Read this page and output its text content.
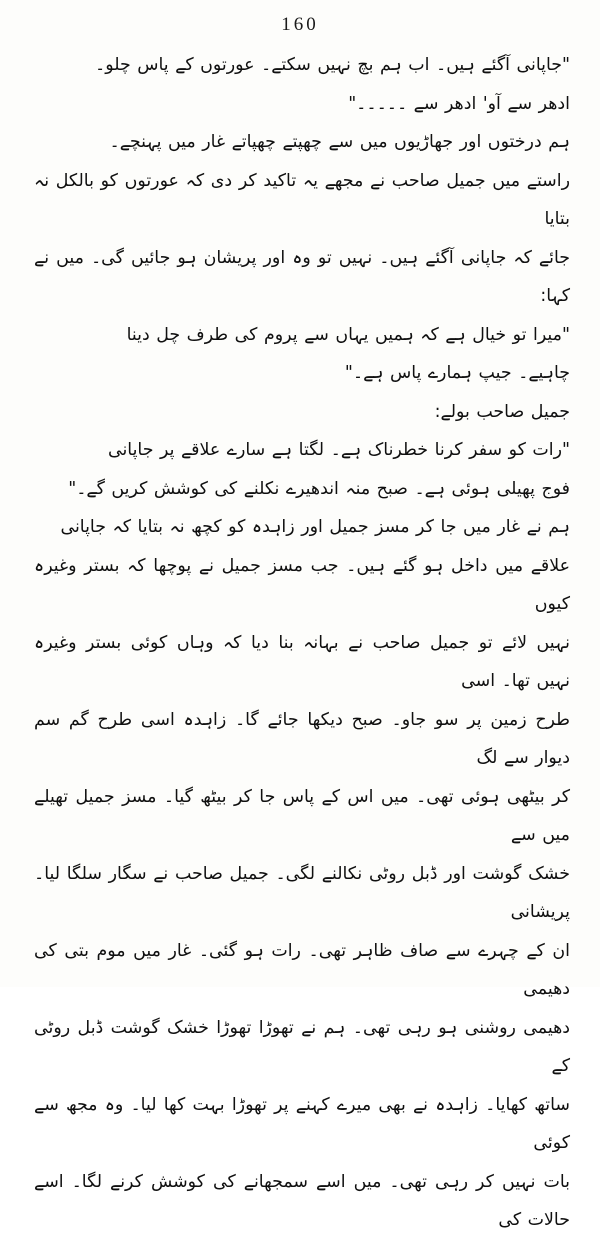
160

"جاپانی آگئے ہیں۔ اب ہم بچ نہیں سکتے۔ عورتوں کے پاس چلو۔

ادھر سے آو' ادھر سے ۔۔۔۔۔"

ہم درختوں اور جھاڑیوں میں سے چھپتے چھپاتے غار میں پہنچے۔

راستے میں جمیل صاحب نے مجھے یہ تاکید کر دی کہ عورتوں کو بالکل نہ بتایا

جائے کہ جاپانی آگئے ہیں۔ نہیں تو وہ اور پریشان ہو جائیں گی۔ میں نے کہا:

"میرا تو خیال ہے کہ ہمیں یہاں سے پروم کی طرف چل دینا

چاہیے۔ جیپ ہمارے پاس ہے۔"

جمیل صاحب بولے:

"رات کو سفر کرنا خطرناک ہے۔ لگتا ہے سارے علاقے پر جاپانی

فوج پھیلی ہوئی ہے۔ صبح منہ اندھیرے نکلنے کی کوشش کریں گے۔"

ہم نے غار میں جا کر مسز جمیل اور زاہدہ کو کچھ نہ بتایا کہ جاپانی

علاقے میں داخل ہو گئے ہیں۔ جب مسز جمیل نے پوچھا کہ بستر وغیرہ کیوں

نہیں لائے تو جمیل صاحب نے بہانہ بنا دیا کہ وہاں کوئی بستر وغیرہ نہیں تھا۔ اسی

طرح زمین پر سو جاو۔ صبح دیکھا جائے گا۔ زاہدہ اسی طرح گم سم دیوار سے لگ

کر بیٹھی ہوئی تھی۔ میں اس کے پاس جا کر بیٹھ گیا۔ مسز جمیل تھیلے میں سے

خشک گوشت اور ڈبل روٹی نکالنے لگی۔ جمیل صاحب نے سگار سلگا لیا۔ پریشانی

ان کے چہرے سے صاف ظاہر تھی۔ رات ہو گئی۔ غار میں موم بتی کی دھیمی

دھیمی روشنی ہو رہی تھی۔ ہم نے تھوڑا تھوڑا خشک گوشت ڈبل روٹی کے

ساتھ کھایا۔ زاہدہ نے بھی میرے کہنے پر تھوڑا بہت کھا لیا۔ وہ مجھ سے کوئی

بات نہیں کر رہی تھی۔ میں اسے سمجھانے کی کوشش کرنے لگا۔ اسے حالات کی
